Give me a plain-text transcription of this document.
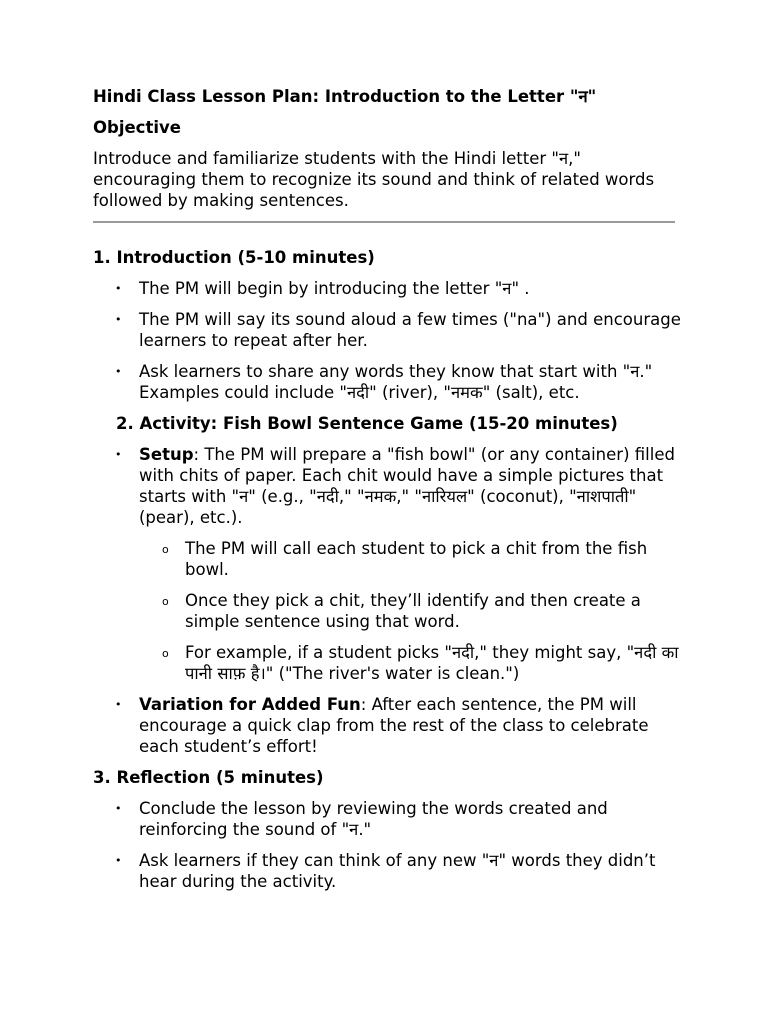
Hindi Class Lesson Plan: Introduction to the Letter "न"
Objective

Introduce and familiarize students with the Hindi letter "न," encouraging them to recognize its sound and think of related words followed by making sentences.

1. Introduction (5-10 minutes)
• The PM will begin by introducing the letter "न" .
• The PM will say its sound aloud a few times ("na") and encourage learners to repeat after her.
• Ask learners to share any words they know that start with "न." Examples could include "नदी" (river), "नमक" (salt), etc.
2. Activity: Fish Bowl Sentence Game (15-20 minutes)
• Setup: The PM will prepare a "fish bowl" (or any container) filled with chits of paper. Each chit would have a simple pictures that starts with "न" (e.g., "नदी," "नमक," "नारियल" (coconut), "नाशपाती" (pear), etc.).
o The PM will call each student to pick a chit from the fish bowl.
o Once they pick a chit, they’ll identify and then create a simple sentence using that word.
o For example, if a student picks "नदी," they might say, "नदी का पानी साफ़ है।" ("The river's water is clean.")
• Variation for Added Fun: After each sentence, the PM will encourage a quick clap from the rest of the class to celebrate each student’s effort!
3. Reflection (5 minutes)
• Conclude the lesson by reviewing the words created and reinforcing the sound of "न."
• Ask learners if they can think of any new "न" words they didn’t hear during the activity.
